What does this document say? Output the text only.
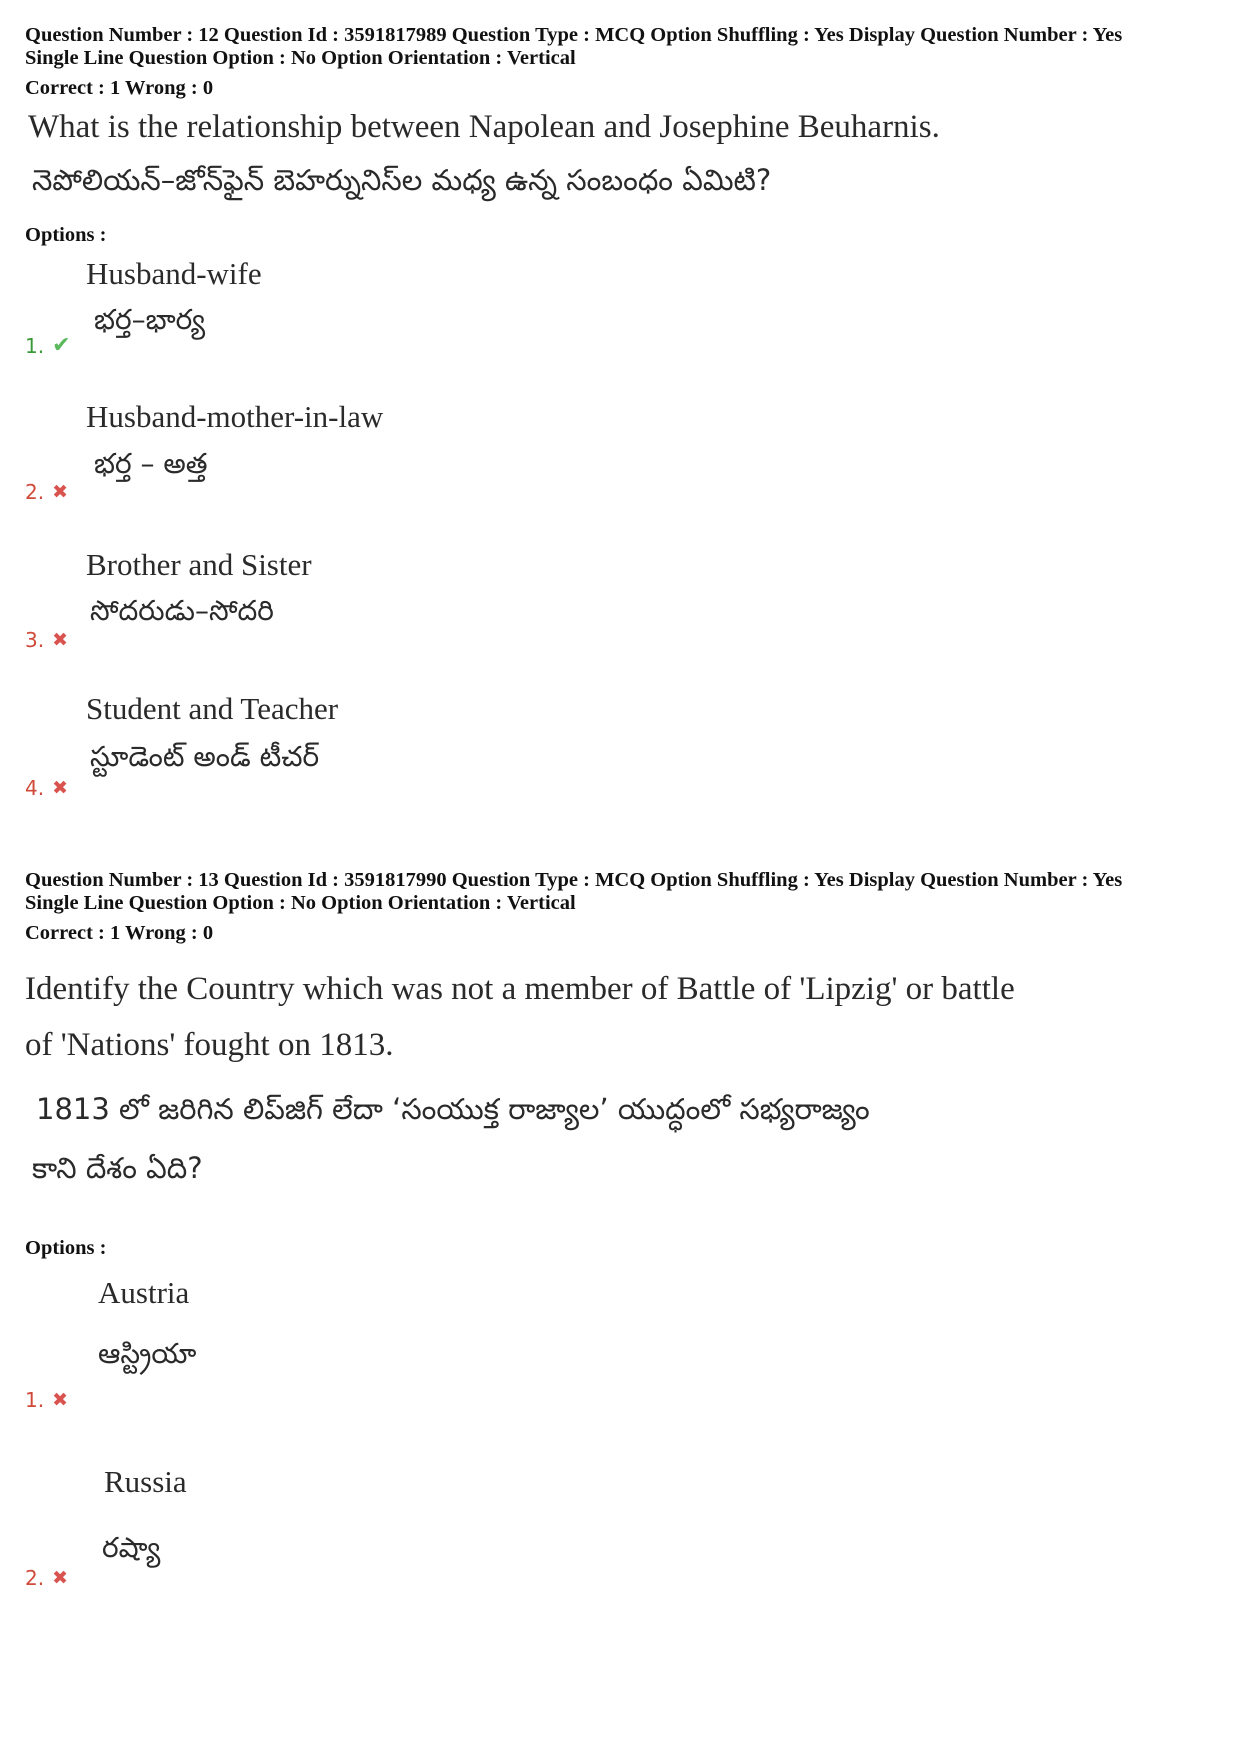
Question Number : 12 Question Id : 3591817989 Question Type : MCQ Option Shuffling : Yes Display Question Number : Yes
Single Line Question Option : No Option Orientation : Vertical
Correct : 1 Wrong : 0
What is the relationship between Napolean and Josephine Beuharnis.
నెపోలియన్–జోన్‌ఫైన్ బెహర్నునిస్‌ల మధ్య ఉన్న సంబంధం ఏమిటి?
Options :
Husband-wife
భర్త–భార్య
1. ✔
Husband-mother-in-law
భర్త – అత్త
2. ✖
Brother and Sister
సోదరుడు–సోదరి
3. ✖
Student and Teacher
స్టూడెంట్ అండ్ టీచర్
4. ✖
Question Number : 13 Question Id : 3591817990 Question Type : MCQ Option Shuffling : Yes Display Question Number : Yes
Single Line Question Option : No Option Orientation : Vertical
Correct : 1 Wrong : 0
Identify the Country which was not a member of Battle of 'Lipzig' or battle
of 'Nations' fought on 1813.
1813 లో జరిగిన లిప్‌జిగ్ లేదా ‘సంయుక్త రాజ్యాల’ యుద్ధంలో సభ్యరాజ్యం
కాని దేశం ఏది?
Options :
Austria
ఆస్ట్రియా
1. ✖
Russia
రష్యా
2. ✖
